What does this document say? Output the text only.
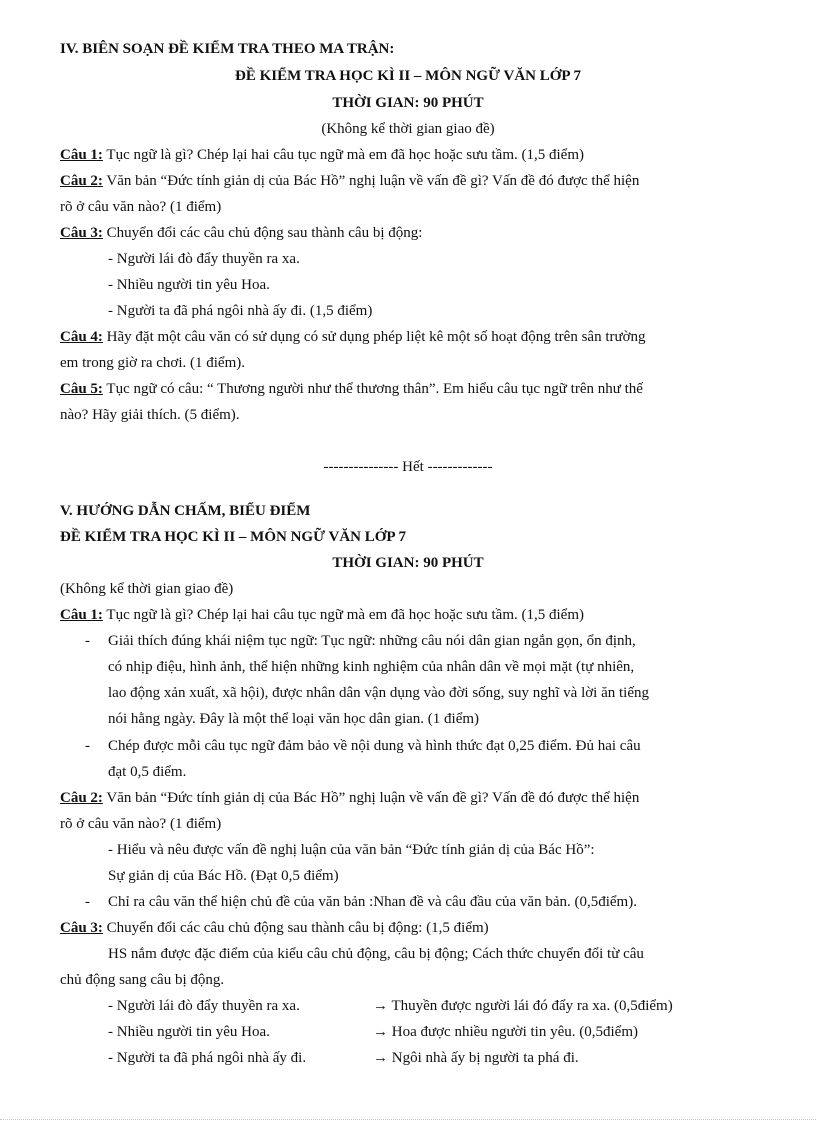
IV. BIÊN SOẠN ĐỀ KIỂM TRA THEO MA TRẬN:
ĐỀ KIỂM TRA HỌC KÌ II – MÔN NGỮ VĂN LỚP 7
THỜI GIAN: 90 PHÚT
(Không kể thời gian giao đề)
Câu 1: Tục ngữ là gì? Chép lại hai câu tục ngữ mà em đã học hoặc sưu tầm. (1,5 điểm)
Câu 2: Văn bản “Đức tính giản dị của Bác Hồ” nghị luận về vấn đề gì? Vấn đề đó được thể hiện
rõ ở câu văn nào? (1 điểm)
Câu 3: Chuyển đổi các câu chủ động sau thành câu bị động:
- Người lái đò đẩy thuyền ra xa.
- Nhiều người tin yêu Hoa.
- Người ta đã phá ngôi nhà ấy đi. (1,5 điểm)
Câu 4: Hãy đặt một câu văn có sử dụng có sử dụng phép liệt kê một số hoạt động trên sân trường
em trong giờ ra chơi. (1 điểm).
Câu 5: Tục ngữ có câu: “ Thương người như thể thương thân”. Em hiểu câu tục ngữ trên như thế
nào? Hãy giải thích. (5 điểm).
--------------- Hết -------------
V. HƯỚNG DẪN CHẤM, BIỂU ĐIỂM
ĐỀ KIỂM TRA HỌC KÌ II – MÔN NGỮ VĂN LỚP 7
THỜI GIAN: 90 PHÚT
(Không kể thời gian giao đề)
Câu 1: Tục ngữ là gì? Chép lại hai câu tục ngữ mà em đã học hoặc sưu tầm. (1,5 điểm)
- Giải thích đúng khái niệm tục ngữ: Tục ngữ: những câu nói dân gian ngắn gọn, ổn định,
có nhịp điệu, hình ảnh, thể hiện những kinh nghiệm của nhân dân về mọi mặt (tự nhiên,
lao động xản xuất, xã hội), được nhân dân vận dụng vào đời sống, suy nghĩ và lời ăn tiếng
nói hằng ngày. Đây là một thể loại văn học dân gian. (1 điểm)
- Chép được mỗi câu tục ngữ đảm bảo về nội dung và hình thức đạt 0,25 điểm. Đủ hai câu
đạt 0,5 điểm.
Câu 2: Văn bản “Đức tính giản dị của Bác Hồ” nghị luận về vấn đề gì? Vấn đề đó được thể hiện
rõ ở câu văn nào? (1 điểm)
- Hiểu và nêu được vấn đề nghị luận của văn bản “Đức tính giản dị của Bác Hồ”:
Sự giản dị của Bác Hồ. (Đạt 0,5 điểm)
- Chỉ ra câu văn thể hiện chủ đề của văn bản :Nhan đề và câu đầu của văn bản. (0,5điểm).
Câu 3: Chuyển đổi các câu chủ động sau thành câu bị động: (1,5 điểm)
HS nắm được đặc điểm của kiểu câu chủ động, câu bị động; Cách thức chuyển đổi từ câu
chủ động sang câu bị động.
- Người lái đò đẩy thuyền ra xa.	→ Thuyền được người lái đó đẩy ra xa. (0,5điểm)
- Nhiều người tin yêu Hoa.	→ Hoa được nhiều người tin yêu. (0,5điểm)
- Người ta đã phá ngôi nhà ấy đi.	→ Ngôi nhà ấy bị người ta phá đi.
